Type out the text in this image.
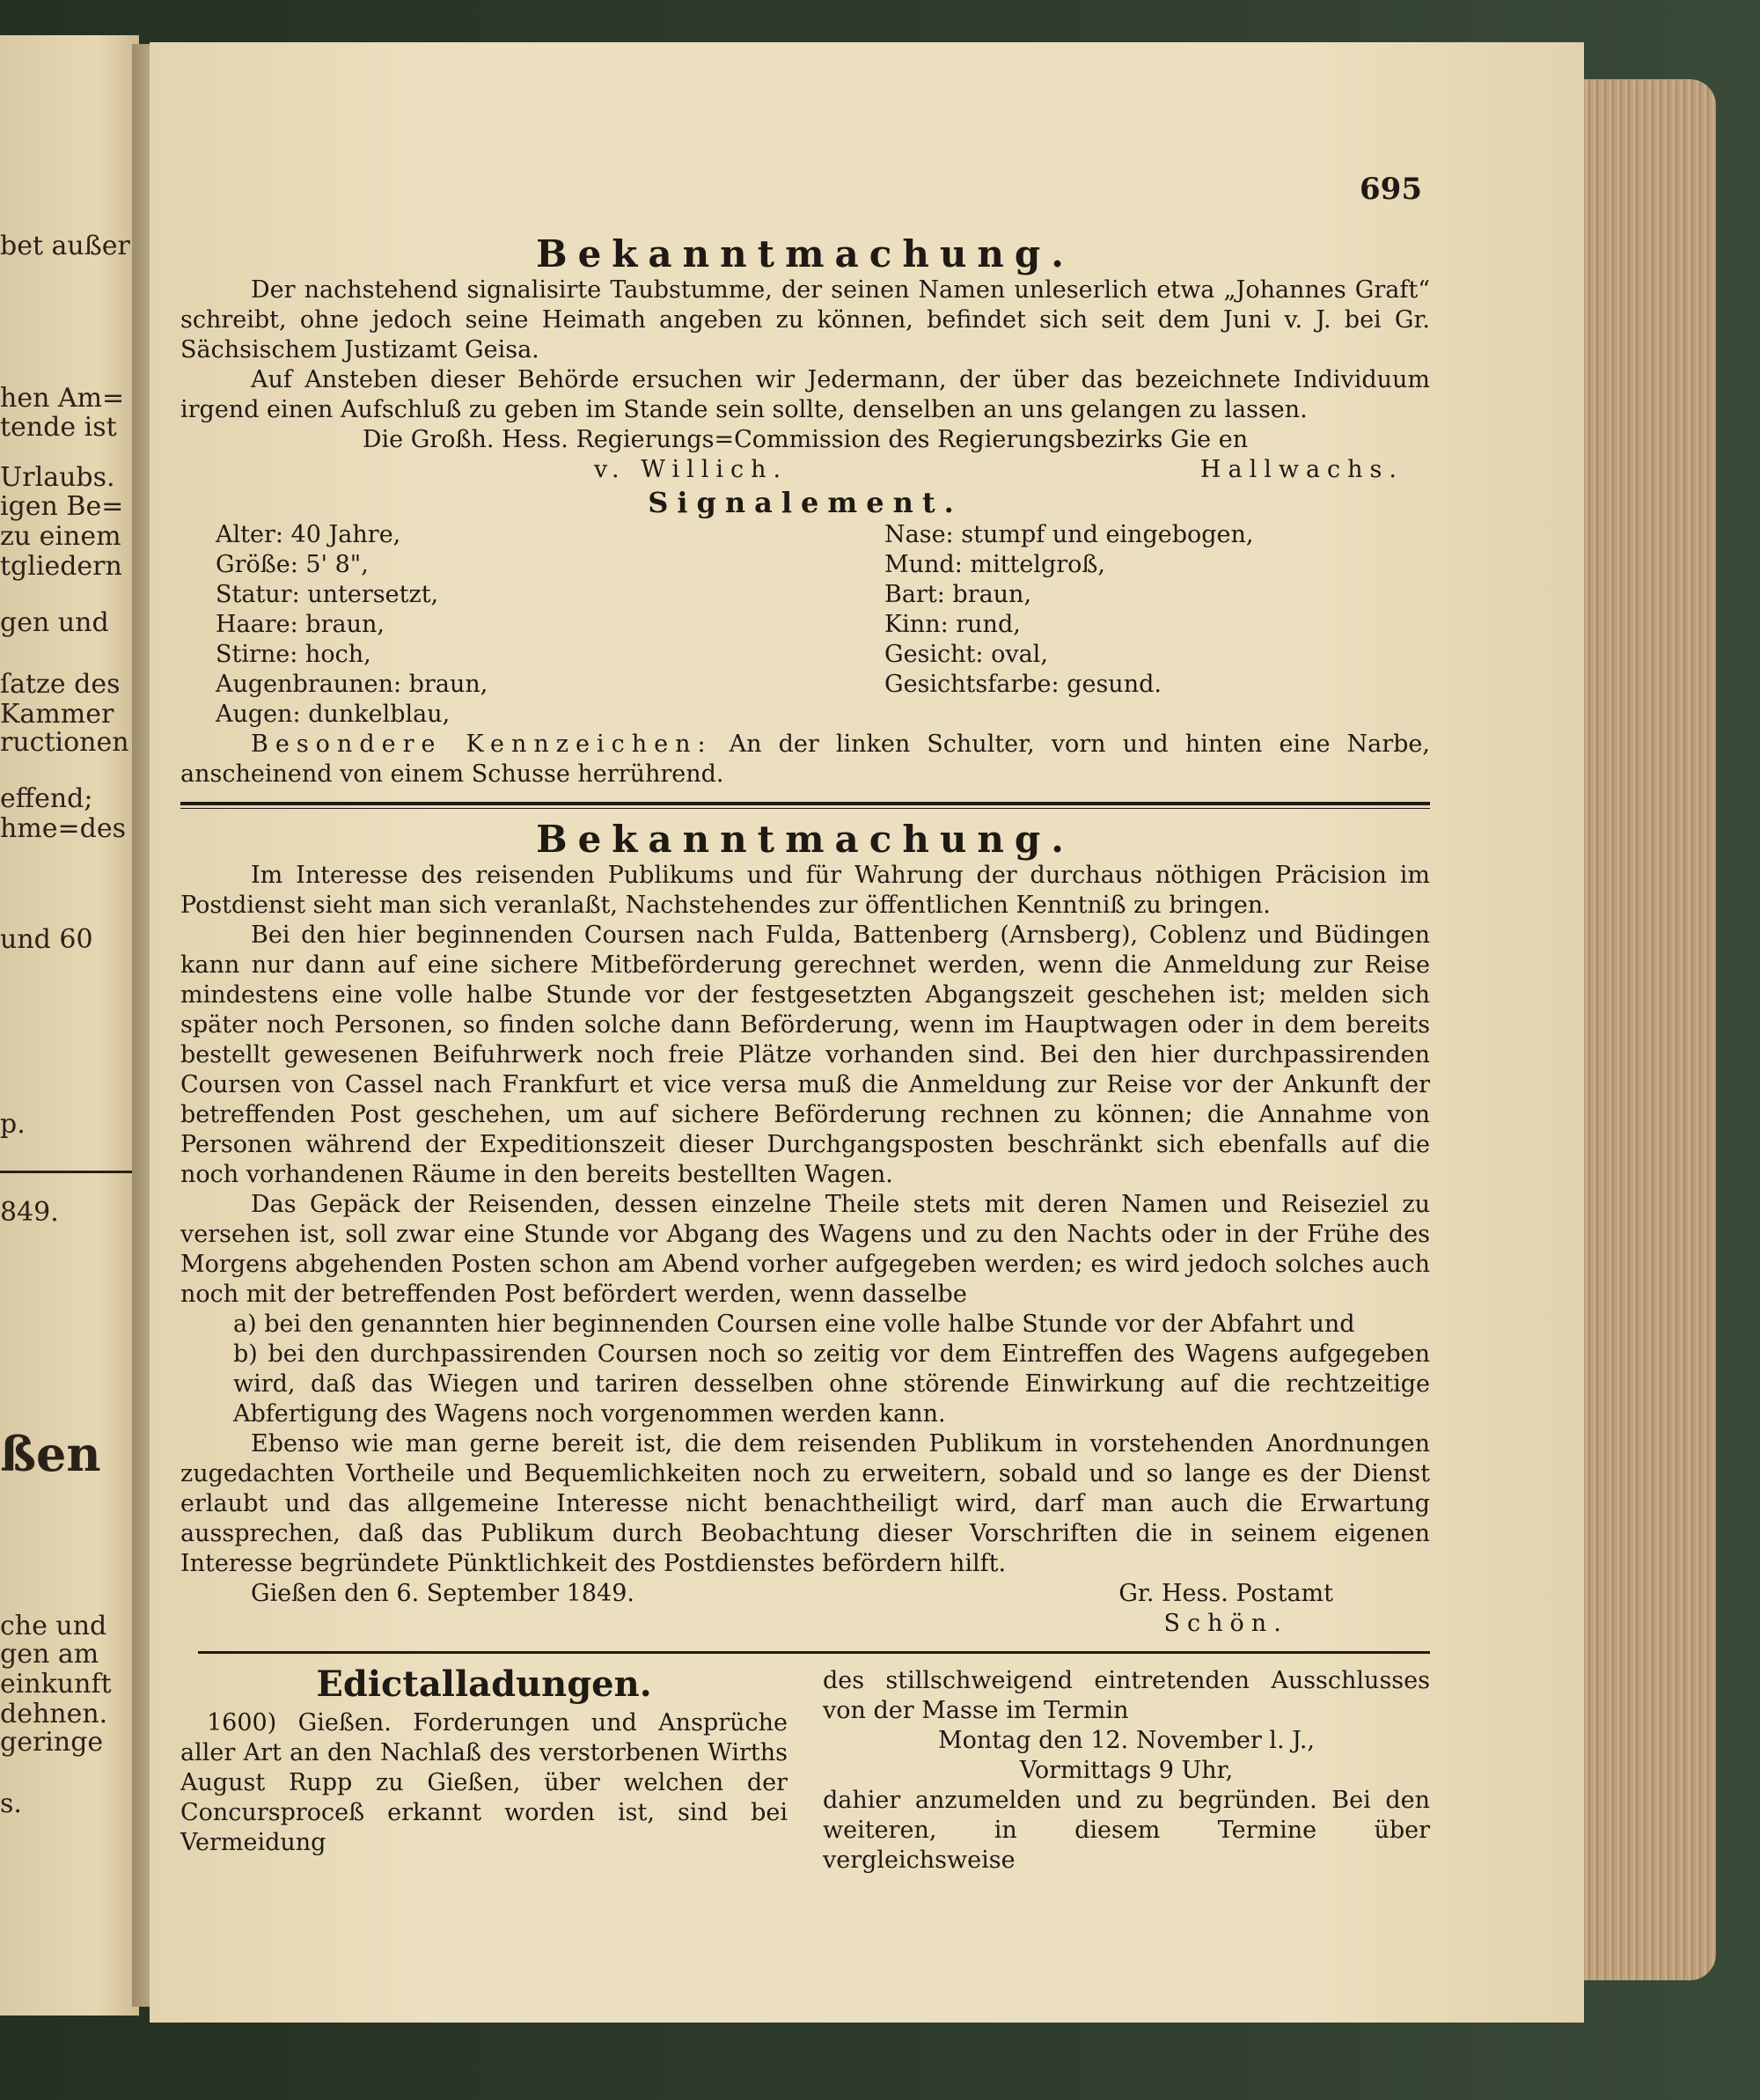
bet außer
hen Am=
tende ist
Urlaubs.
igen Be=
zu einem
tgliedern
gen und
ſatze des
Kammer
ructionen
effend;
hme=des
und 60
p.
849.
ßen
che und
gen am
einkunft
dehnen.
geringe
s.
695
Bekanntmachung.

Der nachstehend signalisirte Taubstumme, der seinen Namen unleserlich etwa „Johannes Graft“ schreibt, ohne jedoch seine Heimath angeben zu können, befindet sich seit dem Juni v. J. bei Gr. Sächsischem Justizamt Geisa.

Auf Ansteben dieser Behörde ersuchen wir Jedermann, der über das bezeichnete Individuum irgend einen Aufschluß zu geben im Stande sein sollte, denselben an uns gelangen zu lassen.

Die Großh. Hess. Regierungs=Commission des Regierungsbezirks Gie en

v. Willich.	Hallwachs.
Signalement.
Alter: 40 Jahre,
Größe: 5' 8",
Statur: untersetzt,
Haare: braun,
Stirne: hoch,
Augenbraunen: braun,
Augen: dunkelblau,
Nase: stumpf und eingebogen,
Mund: mittelgroß,
Bart: braun,
Kinn: rund,
Gesicht: oval,
Gesichtsfarbe: gesund.

Besondere Kennzeichen: An der linken Schulter, vorn und hinten eine Narbe, anscheinend von einem Schusse herrührend.

Bekanntmachung.

Im Interesse des reisenden Publikums und für Wahrung der durchaus nöthigen Präcision im Postdienst sieht man sich veranlaßt, Nachstehendes zur öffentlichen Kenntniß zu bringen.

Bei den hier beginnenden Coursen nach Fulda, Battenberg (Arnsberg), Coblenz und Büdingen kann nur dann auf eine sichere Mitbeförderung gerechnet werden, wenn die Anmeldung zur Reise mindestens eine volle halbe Stunde vor der festgesetzten Abgangszeit geschehen ist; melden sich später noch Personen, so finden solche dann Beförderung, wenn im Hauptwagen oder in dem bereits bestellt gewesenen Beifuhrwerk noch freie Plätze vorhanden sind. Bei den hier durchpassirenden Coursen von Cassel nach Frankfurt et vice versa muß die Anmeldung zur Reise vor der Ankunft der betreffenden Post geschehen, um auf sichere Beförderung rechnen zu können; die Annahme von Personen während der Expeditionszeit dieser Durchgangsposten beschränkt sich ebenfalls auf die noch vorhandenen Räume in den bereits bestellten Wagen.

Das Gepäck der Reisenden, dessen einzelne Theile stets mit deren Namen und Reiseziel zu versehen ist, soll zwar eine Stunde vor Abgang des Wagens und zu den Nachts oder in der Frühe des Morgens abgehenden Posten schon am Abend vorher aufgegeben werden; es wird jedoch solches auch noch mit der betreffenden Post befördert werden, wenn dasselbe

a) bei den genannten hier beginnenden Coursen eine volle halbe Stunde vor der Abfahrt und

b) bei den durchpassirenden Coursen noch so zeitig vor dem Eintreffen des Wagens aufgegeben wird, daß das Wiegen und tariren desselben ohne störende Einwirkung auf die rechtzeitige Abfertigung des Wagens noch vorgenommen werden kann.

Ebenso wie man gerne bereit ist, die dem reisenden Publikum in vorstehenden Anordnungen zugedachten Vortheile und Bequemlichkeiten noch zu erweitern, sobald und so lange es der Dienst erlaubt und das allgemeine Interesse nicht benachtheiligt wird, darf man auch die Erwartung aussprechen, daß das Publikum durch Beobachtung dieser Vorschriften die in seinem eigenen Interesse begründete Pünktlichkeit des Postdienstes befördern hilft.

Gießen den 6. September 1849.	Gr. Hess. Postamt
Schön.
Edictalladungen.

1600) Gießen. Forderungen und Ansprüche aller Art an den Nachlaß des verstorbenen Wirths August Rupp zu Gießen, über welchen der Concursproceß erkannt worden ist, sind bei Vermeidung

des stillschweigend eintretenden Ausschlusses von der Masse im Termin

Montag den 12. November l. J.,
Vormittags 9 Uhr,

dahier anzumelden und zu begründen. Bei den weiteren, in diesem Termine über vergleichsweise
